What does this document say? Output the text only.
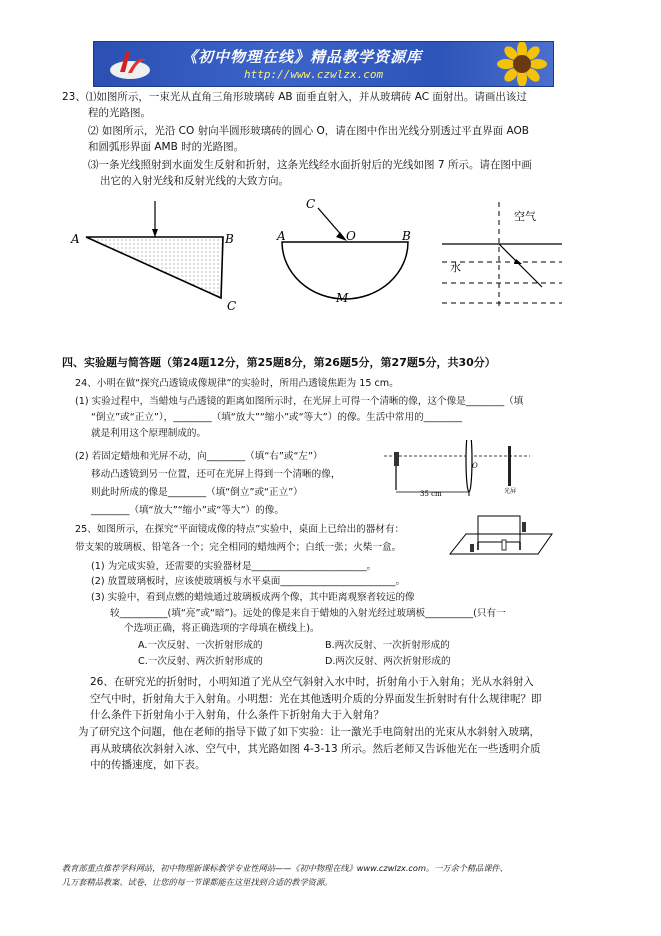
《初中物理在线》精品教学资源库
http://www.czwlzx.com
23、⑴如图所示，一束光从直角三角形玻璃砖 AB 面垂直射入，并从玻璃砖 AC 面射出。请画出该过
程的光路图。
⑵ 如图所示，光沿 CO 射向半圆形玻璃砖的圆心 O，请在图中作出光线分别透过平直界面 AOB
和圆弧形界面 AMB 时的光路图。
⑶一条光线照射到水面发生反射和折射，这条光线经水面折射后的光线如图 7 所示。请在图中画
出它的入射光线和反射光线的大致方向。
A	B
C
C
A	O	B
M
空气
水
四、实验题与简答题（第24题12分，第25题8分，第26题5分，第27题5分，共30分）
24、小明在做“探究凸透镜成像规律”的实验时，所用凸透镜焦距为 15 cm。
(1) 实验过程中，当蜡烛与凸透镜的距离如图所示时，在光屏上可得一个清晰的像，这个像是________（填
“倒立”或“正立”），________（填“放大”“缩小”或“等大”）的像。生活中常用的________
就是利用这个原理制成的。
(2) 若固定蜡烛和光屏不动，向________（填“右”或“左”）
移动凸透镜到另一位置，还可在光屏上得到一个清晰的像，
则此时所成的像是________（填“倒立”或“正立”）
________（填“放大”“缩小”或“等大”）的像。
35 cm
O
光屏
25、如图所示，在探究“平面镜成像的特点”实验中，桌面上已给出的器材有：
带支架的玻璃板、铅笔各一个；完全相同的蜡烛两个；白纸一张；火柴一盒。
(1) 为完成实验，还需要的实验器材是________________________。
(2) 放置玻璃板时，应该使玻璃板与水平桌面________________________。
(3) 实验中，看到点燃的蜡烛通过玻璃板成两个像，其中距离观察者较远的像
较__________(填“亮”或“暗”)。远处的像是来自于蜡烛的入射光经过玻璃板__________(只有一
个选项正确，将正确选项的字母填在横线上)。
A.一次反射、一次折射形成的	B.两次反射、一次折射形成的
C.一次反射、两次折射形成的	D.两次反射、两次折射形成的
26、在研究光的折射时，小明知道了光从空气斜射入水中时，折射角小于入射角；光从水斜射入
空气中时，折射角大于入射角。小明想：光在其他透明介质的分界面发生折射时有什么规律呢？即
什么条件下折射角小于入射角，什么条件下折射角大于入射角？
为了研究这个问题，他在老师的指导下做了如下实验：让一激光手电筒射出的光束从水斜射入玻璃，
再从玻璃依次斜射入冰、空气中，其光路如图 4-3-13 所示。然后老师又告诉他光在一些透明介质
中的传播速度，如下表。
教育部重点推荐学科网站，初中物理新课标教学专业性网站——《初中物理在线》www.czwlzx.com。一万余个精品课件、
几万套精品教案、试卷，让您的每一节课都能在这里找到合适的教学资源。
